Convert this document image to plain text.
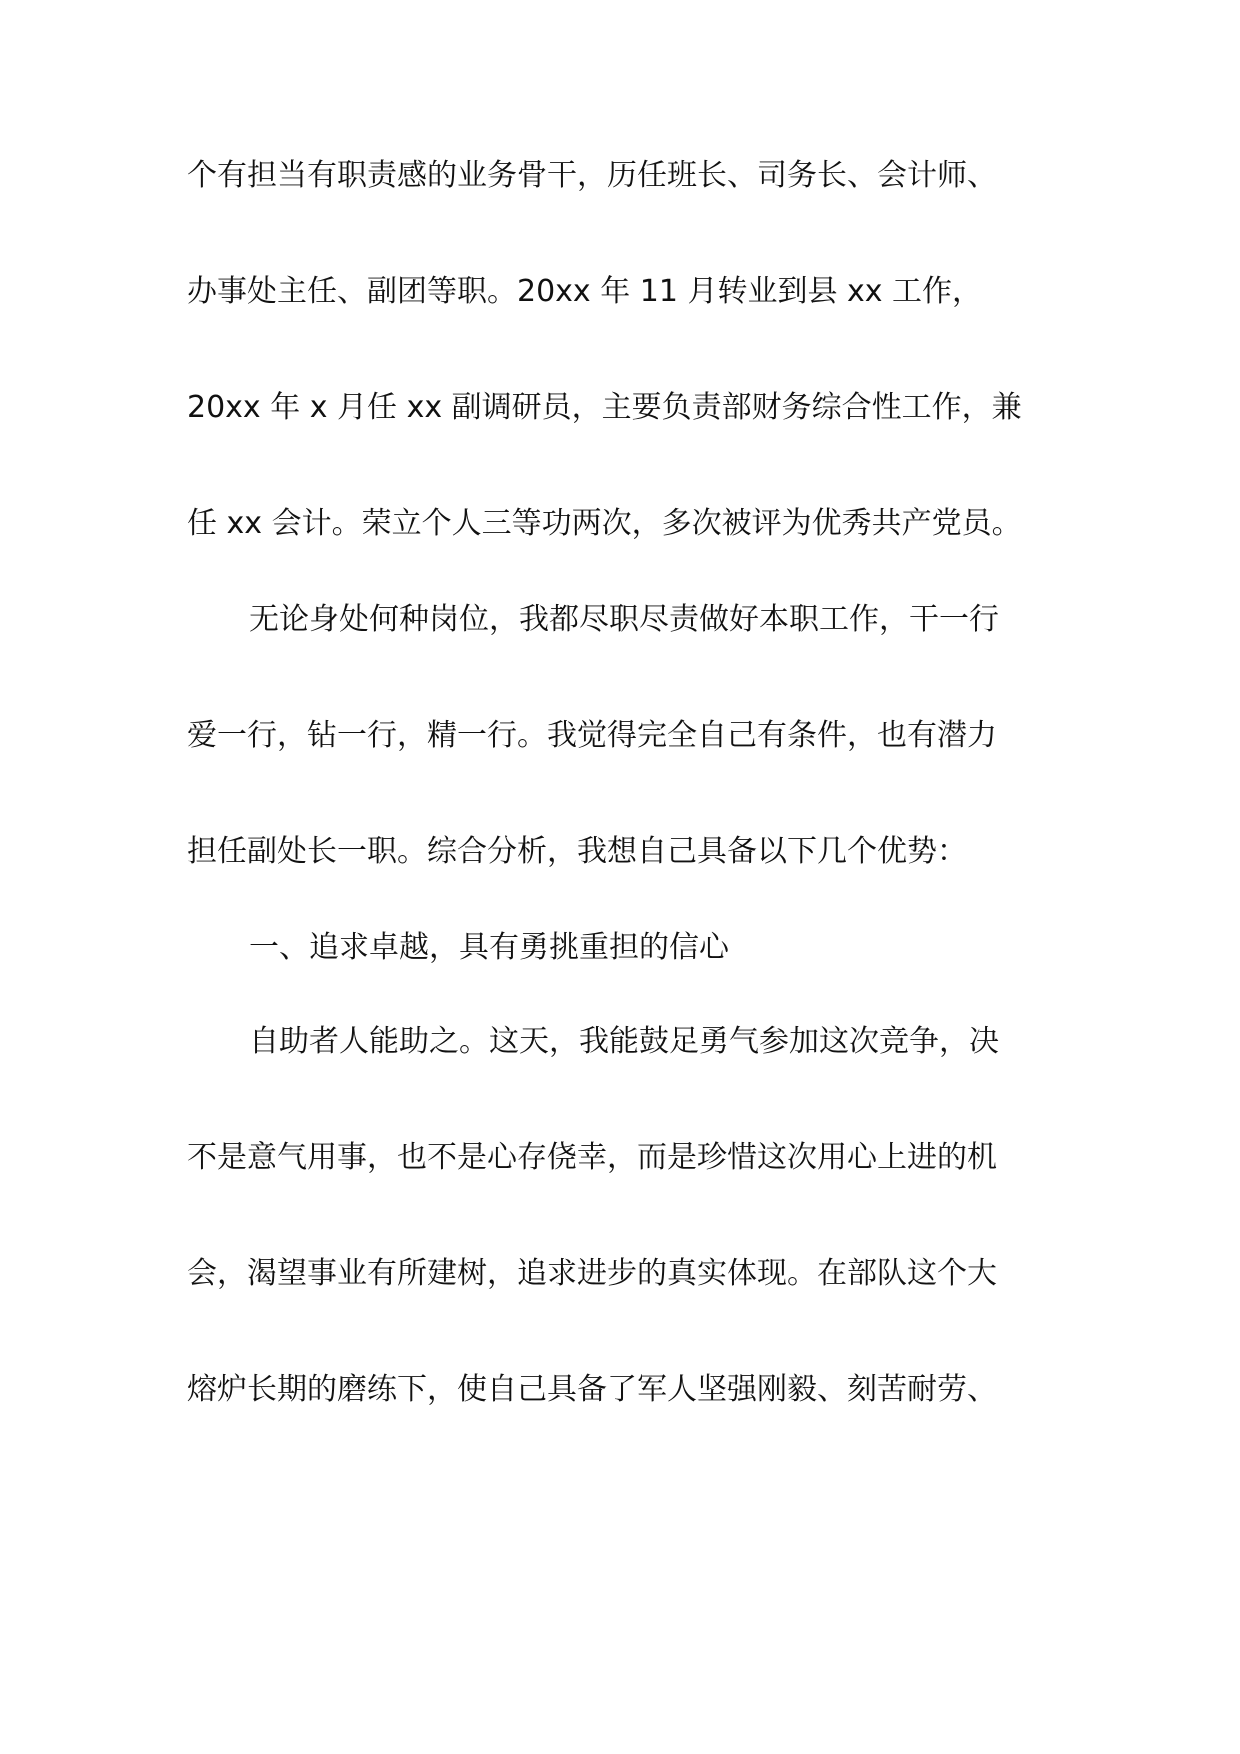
个有担当有职责感的业务骨干，历任班长、司务长、会计师、
办事处主任、副团等职。20xx 年 11 月转业到县 xx 工作，
20xx 年 x 月任 xx 副调研员，主要负责部财务综合性工作，兼
任 xx 会计。荣立个人三等功两次，多次被评为优秀共产党员。
无论身处何种岗位，我都尽职尽责做好本职工作，干一行
爱一行，钻一行，精一行。我觉得完全自己有条件，也有潜力
担任副处长一职。综合分析，我想自己具备以下几个优势：
一、追求卓越，具有勇挑重担的信心
自助者人能助之。这天，我能鼓足勇气参加这次竞争，决
不是意气用事，也不是心存侥幸，而是珍惜这次用心上进的机
会，渴望事业有所建树，追求进步的真实体现。在部队这个大
熔炉长期的磨练下，使自己具备了军人坚强刚毅、刻苦耐劳、
